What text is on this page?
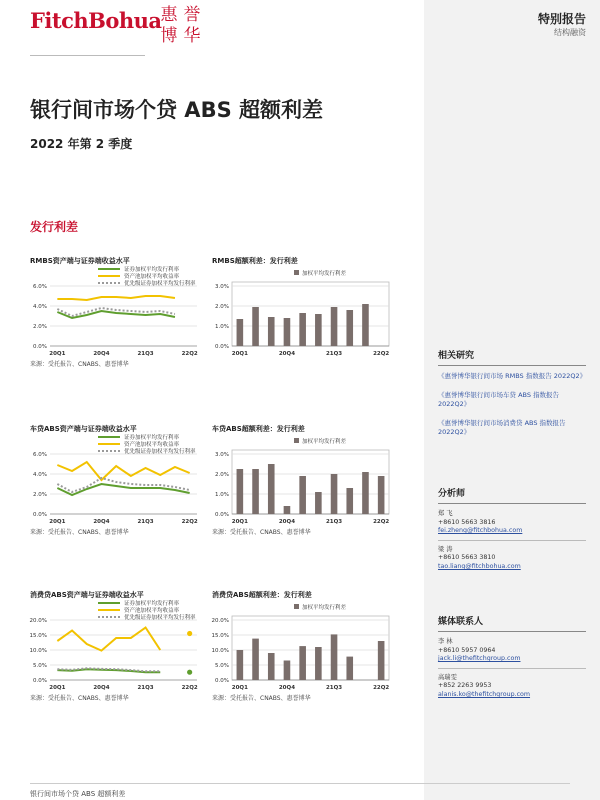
FitchBohua
惠 誉
博 华
银行间市场个贷 ABS 超额利差
2022 年第 2 季度
发行利差
RMBS资产端与证券端收益水平
证券加权平均发行利率
资产池加权平均收益率
优先级证券加权平均发行利率
0.0%
2.0%
4.0%
6.0%
20Q1	20Q4	21Q3	22Q2
来源：受托报告、CNABS、惠誉博华
RMBS超额利差：发行利差
加权平均发行利差
0.0%
1.0%
2.0%
3.0%
20Q1	20Q4	21Q3	22Q2
车贷ABS资产端与证券端收益水平
证券加权平均发行利率
资产池加权平均收益率
优先级证券加权平均发行利率
0.0%
2.0%
4.0%
6.0%
20Q1	20Q4	21Q3	22Q2
来源：受托报告、CNABS、惠誉博华
车贷ABS超额利差：发行利差
加权平均发行利差
0.0%
1.0%
2.0%
3.0%
20Q1	20Q4	21Q3	22Q2
来源：受托报告、CNABS、惠誉博华
消费贷ABS资产端与证券端收益水平
证券加权平均发行利率
资产池加权平均收益率
优先级证券加权平均发行利率
0.0%
5.0%
10.0%
15.0%
20.0%
20Q1	20Q4	21Q3	22Q2
来源：受托报告、CNABS、惠誉博华
消费贷ABS超额利差：发行利差
加权平均发行利差
0.0%
5.0%
10.0%
15.0%
20.0%
20Q1	20Q4	21Q3	22Q2
来源：受托报告、CNABS、惠誉博华
特别报告
结构融资
相关研究
《惠誉博华银行间市场 RMBS 指数报告 2022Q2》
《惠誉博华银行间市场车贷 ABS 指数报告 2022Q2》
《惠誉博华银行间市场消费贷 ABS 指数报告 2022Q2》
分析师
郑 飞
+8610 5663 3816
fei.zheng@fitchbohua.com
梁 涛
+8610 5663 3810
tao.liang@fitchbohua.com
媒体联系人
李 林
+8610 5957 0964
jack.li@thefitchgroup.com
高瑞雯
+852 2263 9953
alanis.ko@thefitchgroup.com
银行间市场个贷 ABS 超额利差
